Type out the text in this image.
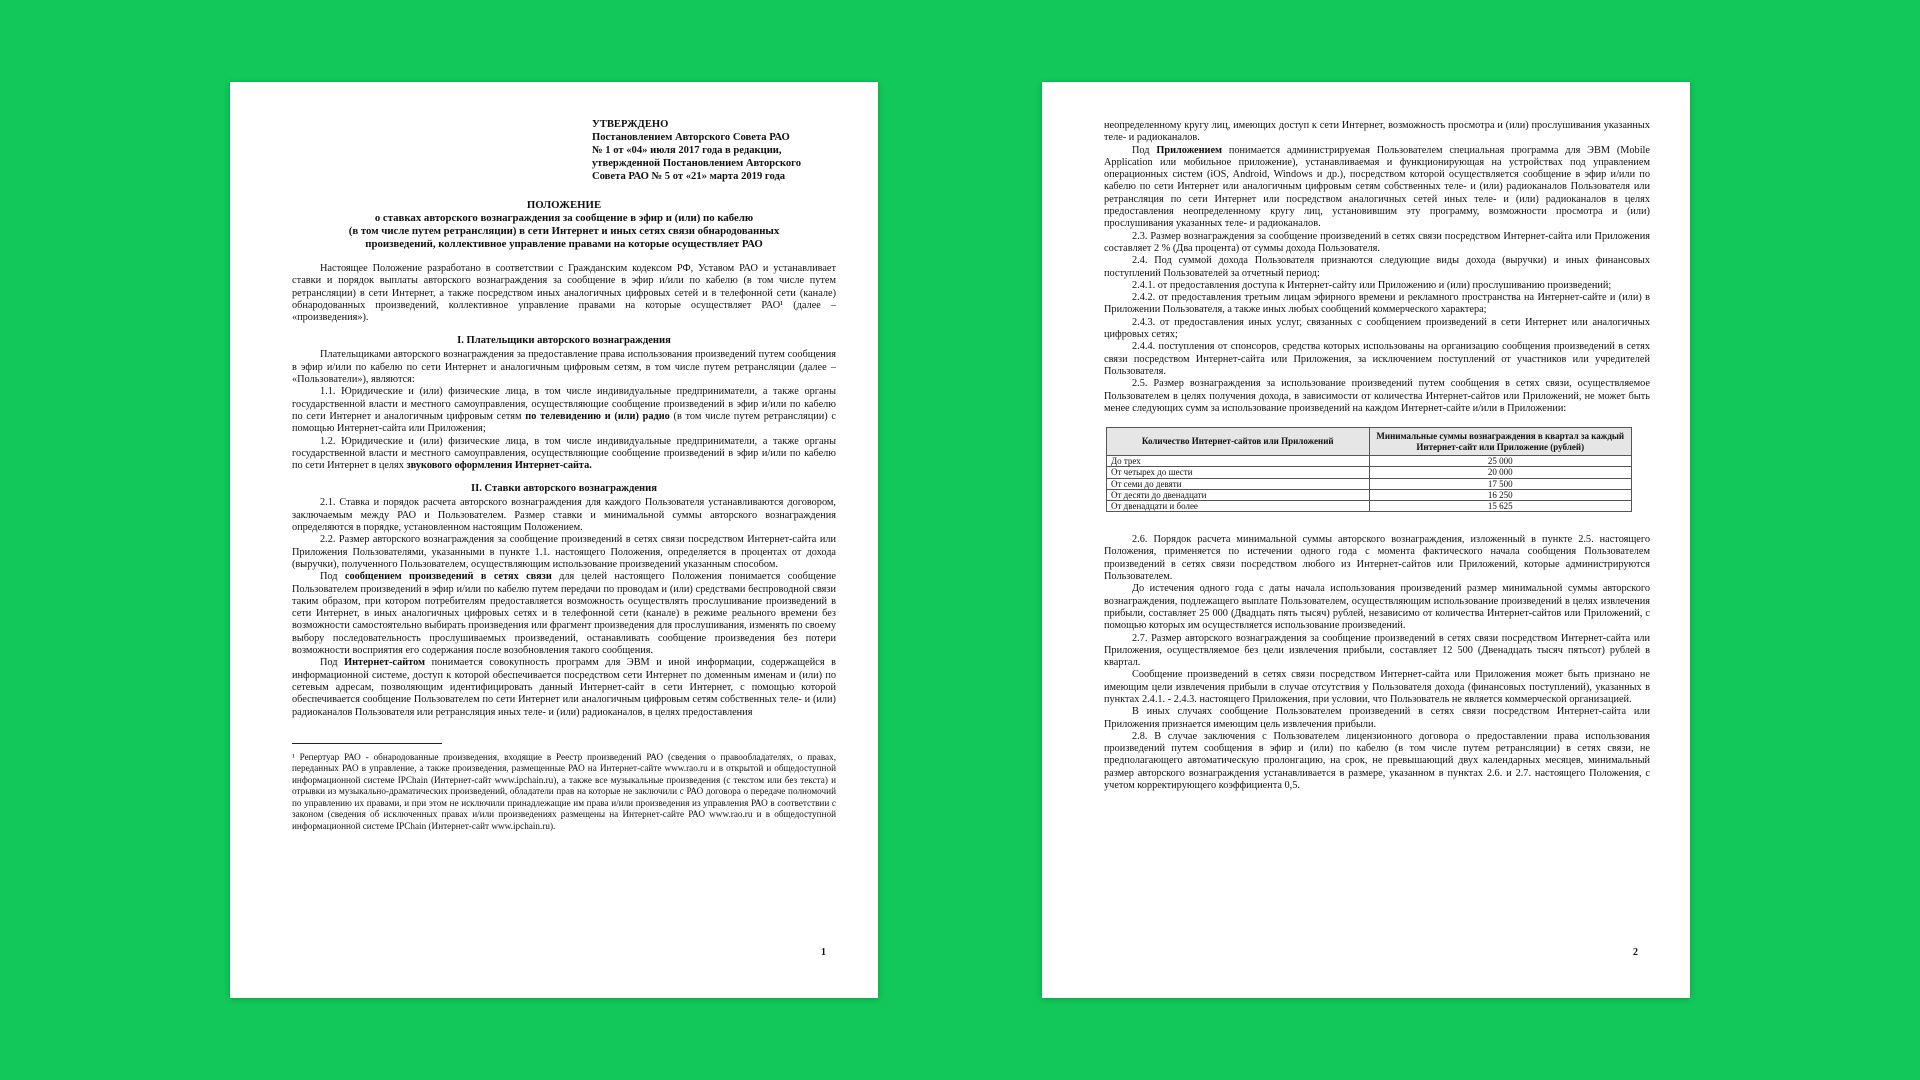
УТВЕРЖДЕНО
Постановлением Авторского Совета РАО
№ 1 от «04» июля 2017 года в редакции,
утвержденной Постановлением Авторского
Совета РАО № 5 от «21» марта 2019 года
ПОЛОЖЕНИЕ
о ставках авторского вознаграждения за сообщение в эфир и (или) по кабелю
(в том числе путем ретрансляции) в сети Интернет и иных сетях связи обнародованных
произведений, коллективное управление правами на которые осуществляет РАО

Настоящее Положение разработано в соответствии с Гражданским кодексом РФ, Уставом РАО и устанавливает ставки и порядок выплаты авторского вознаграждения за сообщение в эфир и/или по кабелю (в том числе путем ретрансляции) в сети Интернет, а также посредством иных аналогичных цифровых сетей и в телефонной сети (канале) обнародованных произведений, коллективное управление правами на которые осуществляет РАО¹ (далее – «произведения»).

I. Плательщики авторского вознаграждения

Плательщиками авторского вознаграждения за предоставление права использования произведений путем сообщения в эфир и/или по кабелю по сети Интернет и аналогичным цифровым сетям, в том числе путем ретрансляции (далее – «Пользователи»), являются:

1.1. Юридические и (или) физические лица, в том числе индивидуальные предприниматели, а также органы государственной власти и местного самоуправления, осуществляющие сообщение произведений в эфир и/или по кабелю по сети Интернет и аналогичным цифровым сетям по телевидению и (или) радио (в том числе путем ретрансляции) с помощью Интернет-сайта или Приложения;

1.2. Юридические и (или) физические лица, в том числе индивидуальные предприниматели, а также органы государственной власти и местного самоуправления, осуществляющие сообщение произведений в эфир и/или по кабелю по сети Интернет в целях звукового оформления Интернет-сайта.

II. Ставки авторского вознаграждения

2.1. Ставка и порядок расчета авторского вознаграждения для каждого Пользователя устанавливаются договором, заключаемым между РАО и Пользователем. Размер ставки и минимальной суммы авторского вознаграждения определяются в порядке, установленном настоящим Положением.

2.2. Размер авторского вознаграждения за сообщение произведений в сетях связи посредством Интернет-сайта или Приложения Пользователями, указанными в пункте 1.1. настоящего Положения, определяется в процентах от дохода (выручки), полученного Пользователем, осуществляющим использование произведений указанным способом.

Под сообщением произведений в сетях связи для целей настоящего Положения понимается сообщение Пользователем произведений в эфир и/или по кабелю путем передачи по проводам и (или) средствами беспроводной связи таким образом, при котором потребителям предоставляется возможность осуществлять прослушивание произведений в сети Интернет, в иных аналогичных цифровых сетях и в телефонной сети (канале) в режиме реального времени без возможности самостоятельно выбирать произведения или фрагмент произведения для прослушивания, изменять по своему выбору последовательность прослушиваемых произведений, останавливать сообщение произведения без потери возможности восприятия его содержания после возобновления такого сообщения.

Под Интернет-сайтом понимается совокупность программ для ЭВМ и иной информации, содержащейся в информационной системе, доступ к которой обеспечивается посредством сети Интернет по доменным именам и (или) по сетевым адресам, позволяющим идентифицировать данный Интернет-сайт в сети Интернет, с помощью которой обеспечивается сообщение Пользователем по сети Интернет или аналогичным цифровым сетям собственных теле- и (или) радиоканалов Пользователя или ретрансляция иных теле- и (или) радиоканалов, в целях предоставления

¹ Репертуар РАО - обнародованные произведения, входящие в Реестр произведений РАО (сведения о правообладателях, о правах, переданных РАО в управление, а также произведения, размещенные РАО на Интернет-сайте www.rao.ru и в открытой и общедоступной информационной системе IPChain (Интернет-сайт www.ipchain.ru), а также все музыкальные произведения (с текстом или без текста) и отрывки из музыкально-драматических произведений, обладатели прав на которые не заключили с РАО договора о передаче полномочий по управлению их правами, и при этом не исключили принадлежащие им права и/или произведения из управления РАО в соответствии с законом (сведения об исключенных правах и/или произведениях размещены на Интернет-сайте РАО www.rao.ru и в общедоступной информационной системе IPChain (Интернет-сайт www.ipchain.ru).

1

неопределенному кругу лиц, имеющих доступ к сети Интернет, возможность просмотра и (или) прослушивания указанных теле- и радиоканалов.

Под Приложением понимается администрируемая Пользователем специальная программа для ЭВМ (Mobile Application или мобильное приложение), устанавливаемая и функционирующая на устройствах под управлением операционных систем (iOS, Android, Windows и др.), посредством которой осуществляется сообщение в эфир и/или по кабелю по сети Интернет или аналогичным цифровым сетям собственных теле- и (или) радиоканалов Пользователя или ретрансляция по сети Интернет или посредством аналогичных сетей иных теле- и (или) радиоканалов в целях предоставления неопределенному кругу лиц, установившим эту программу, возможности просмотра и (или) прослушивания указанных теле- и радиоканалов.

2.3. Размер вознаграждения за сообщение произведений в сетях связи посредством Интернет-сайта или Приложения составляет 2 % (Два процента) от суммы дохода Пользователя.

2.4. Под суммой дохода Пользователя признаются следующие виды дохода (выручки) и иных финансовых поступлений Пользователей за отчетный период:

2.4.1. от предоставления доступа к Интернет-сайту или Приложению и (или) прослушиванию произведений;

2.4.2. от предоставления третьим лицам эфирного времени и рекламного пространства на Интернет-сайте и (или) в Приложении Пользователя, а также иных любых сообщений коммерческого характера;

2.4.3. от предоставления иных услуг, связанных с сообщением произведений в сети Интернет или аналогичных цифровых сетях;

2.4.4. поступления от спонсоров, средства которых использованы на организацию сообщения произведений в сетях связи посредством Интернет-сайта или Приложения, за исключением поступлений от участников или учредителей Пользователя.

2.5. Размер вознаграждения за использование произведений путем сообщения в сетях связи, осуществляемое Пользователем в целях получения дохода, в зависимости от количества Интернет-сайтов или Приложений, не может быть менее следующих сумм за использование произведений на каждом Интернет-сайте и/или в Приложении:

Количество Интернет-сайтов или Приложений	Минимальные суммы вознаграждения в квартал за каждый Интернет-сайт или Приложение (рублей)
До трех	25 000
От четырех до шести	20 000
От семи до девяти	17 500
От десяти до двенадцати	16 250
От двенадцати и более	15 625

2.6. Порядок расчета минимальной суммы авторского вознаграждения, изложенный в пункте 2.5. настоящего Положения, применяется по истечении одного года с момента фактического начала сообщения Пользователем произведений в сетях связи посредством любого из Интернет-сайтов или Приложений, которые администрируются Пользователем.

До истечения одного года с даты начала использования произведений размер минимальной суммы авторского вознаграждения, подлежащего выплате Пользователем, осуществляющим использование произведений в целях извлечения прибыли, составляет 25 000 (Двадцать пять тысяч) рублей, независимо от количества Интернет-сайтов или Приложений, с помощью которых им осуществляется использование произведений.

2.7. Размер авторского вознаграждения за сообщение произведений в сетях связи посредством Интернет-сайта или Приложения, осуществляемое без цели извлечения прибыли, составляет 12 500 (Двенадцать тысяч пятьсот) рублей в квартал.

Сообщение произведений в сетях связи посредством Интернет-сайта или Приложения может быть признано не имеющим цели извлечения прибыли в случае отсутствия у Пользователя дохода (финансовых поступлений), указанных в пунктах 2.4.1. - 2.4.3. настоящего Приложения, при условии, что Пользователь не является коммерческой организацией.

В иных случаях сообщение Пользователем произведений в сетях связи посредством Интернет-сайта или Приложения признается имеющим цель извлечения прибыли.

2.8. В случае заключения с Пользователем лицензионного договора о предоставлении права использования произведений путем сообщения в эфир и (или) по кабелю (в том числе путем ретрансляции) в сетях связи, не предполагающего автоматическую пролонгацию, на срок, не превышающий двух календарных месяцев, минимальный размер авторского вознаграждения устанавливается в размере, указанном в пунктах 2.6. и 2.7. настоящего Положения, с учетом корректирующего коэффициента 0,5.

2
